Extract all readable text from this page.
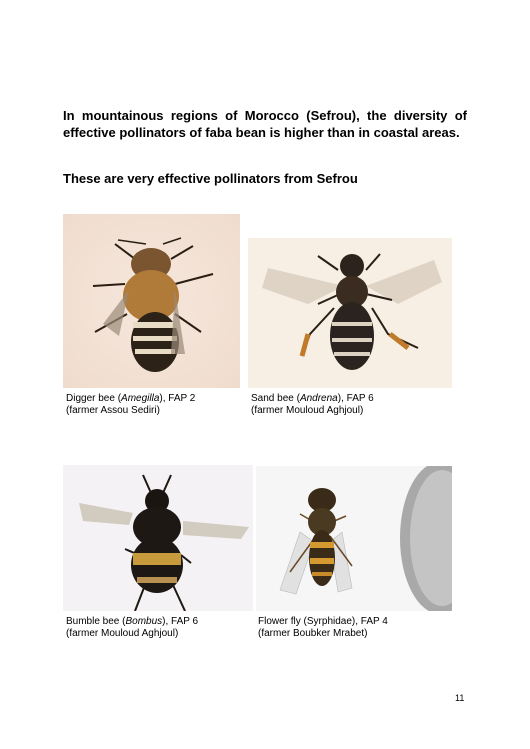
In mountainous regions of Morocco (Sefrou), the diversity of effective pollinators of faba bean is higher than in coastal areas.

These are very effective pollinators from Sefrou

Digger bee (Amegilla), FAP 2
(farmer Assou Sediri)
Sand bee (Andrena), FAP 6
(farmer Mouloud Aghjoul)
Bumble bee (Bombus), FAP 6
(farmer Mouloud Aghjoul)
Flower fly (Syrphidae), FAP 4
(farmer Boubker Mrabet)
11
